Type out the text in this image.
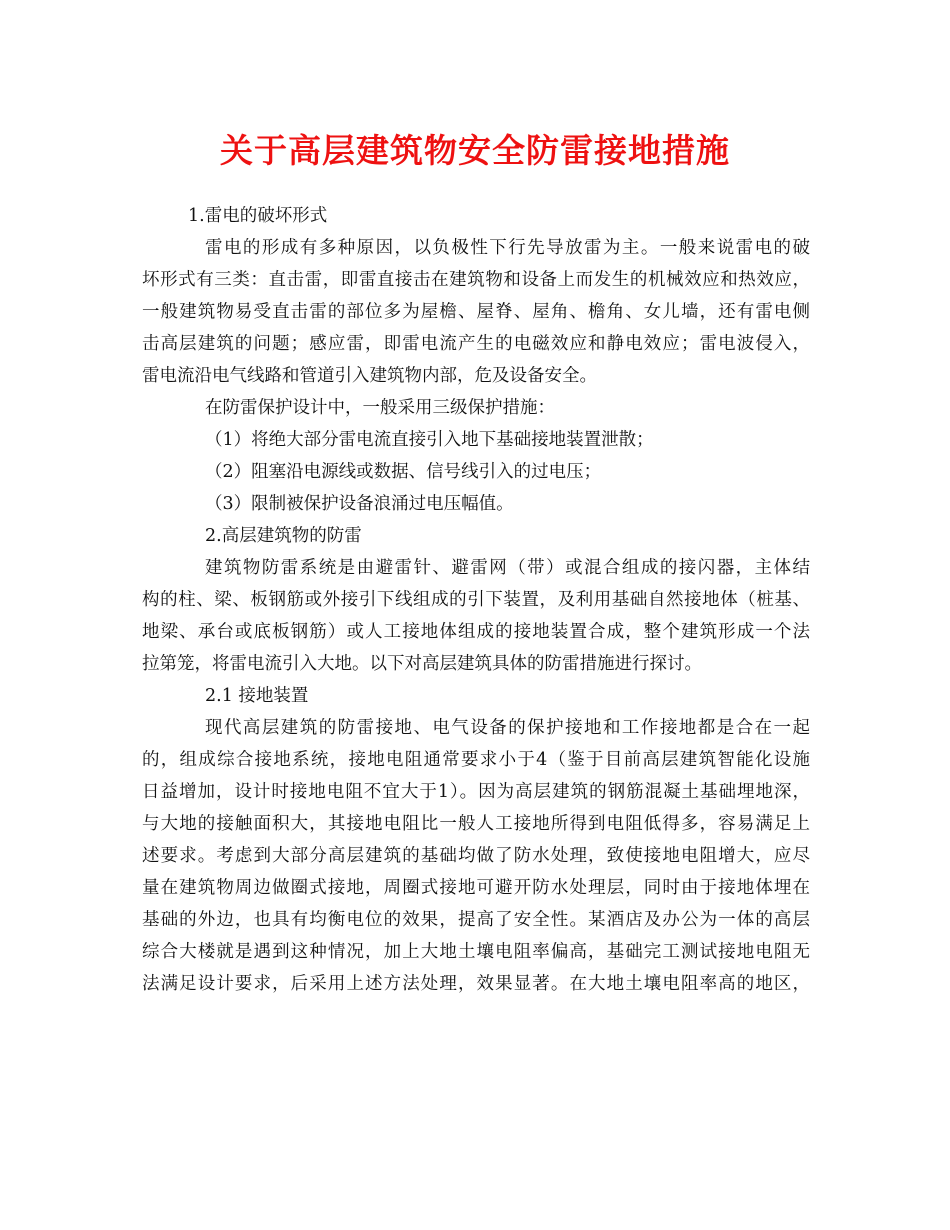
关于高层建筑物安全防雷接地措施
1.雷电的破坏形式
雷电的形成有多种原因，以负极性下行先导放雷为主。一般来说雷电的破
坏形式有三类：直击雷，即雷直接击在建筑物和设备上而发生的机械效应和热效应，
一般建筑物易受直击雷的部位多为屋檐、屋脊、屋角、檐角、女儿墙，还有雷电侧
击高层建筑的问题；感应雷，即雷电流产生的电磁效应和静电效应；雷电波侵入，
雷电流沿电气线路和管道引入建筑物内部，危及设备安全。
在防雷保护设计中，一般采用三级保护措施：
（1）将绝大部分雷电流直接引入地下基础接地装置泄散；
（2）阻塞沿电源线或数据、信号线引入的过电压；
（3）限制被保护设备浪涌过电压幅值。
2.高层建筑物的防雷
建筑物防雷系统是由避雷针、避雷网（带）或混合组成的接闪器，主体结
构的柱、梁、板钢筋或外接引下线组成的引下装置，及利用基础自然接地体（桩基、
地梁、承台或底板钢筋）或人工接地体组成的接地装置合成，整个建筑形成一个法
拉第笼，将雷电流引入大地。以下对高层建筑具体的防雷措施进行探讨。
2.1 接地装置
现代高层建筑的防雷接地、电气设备的保护接地和工作接地都是合在一起
的，组成综合接地系统，接地电阻通常要求小于4（鉴于目前高层建筑智能化设施
日益增加，设计时接地电阻不宜大于1）。因为高层建筑的钢筋混凝土基础埋地深，
与大地的接触面积大，其接地电阻比一般人工接地所得到电阻低得多，容易满足上
述要求。考虑到大部分高层建筑的基础均做了防水处理，致使接地电阻增大，应尽
量在建筑物周边做圈式接地，周圈式接地可避开防水处理层，同时由于接地体埋在
基础的外边，也具有均衡电位的效果，提高了安全性。某酒店及办公为一体的高层
综合大楼就是遇到这种情况，加上大地土壤电阻率偏高，基础完工测试接地电阻无
法满足设计要求，后采用上述方法处理，效果显著。在大地土壤电阻率高的地区，
